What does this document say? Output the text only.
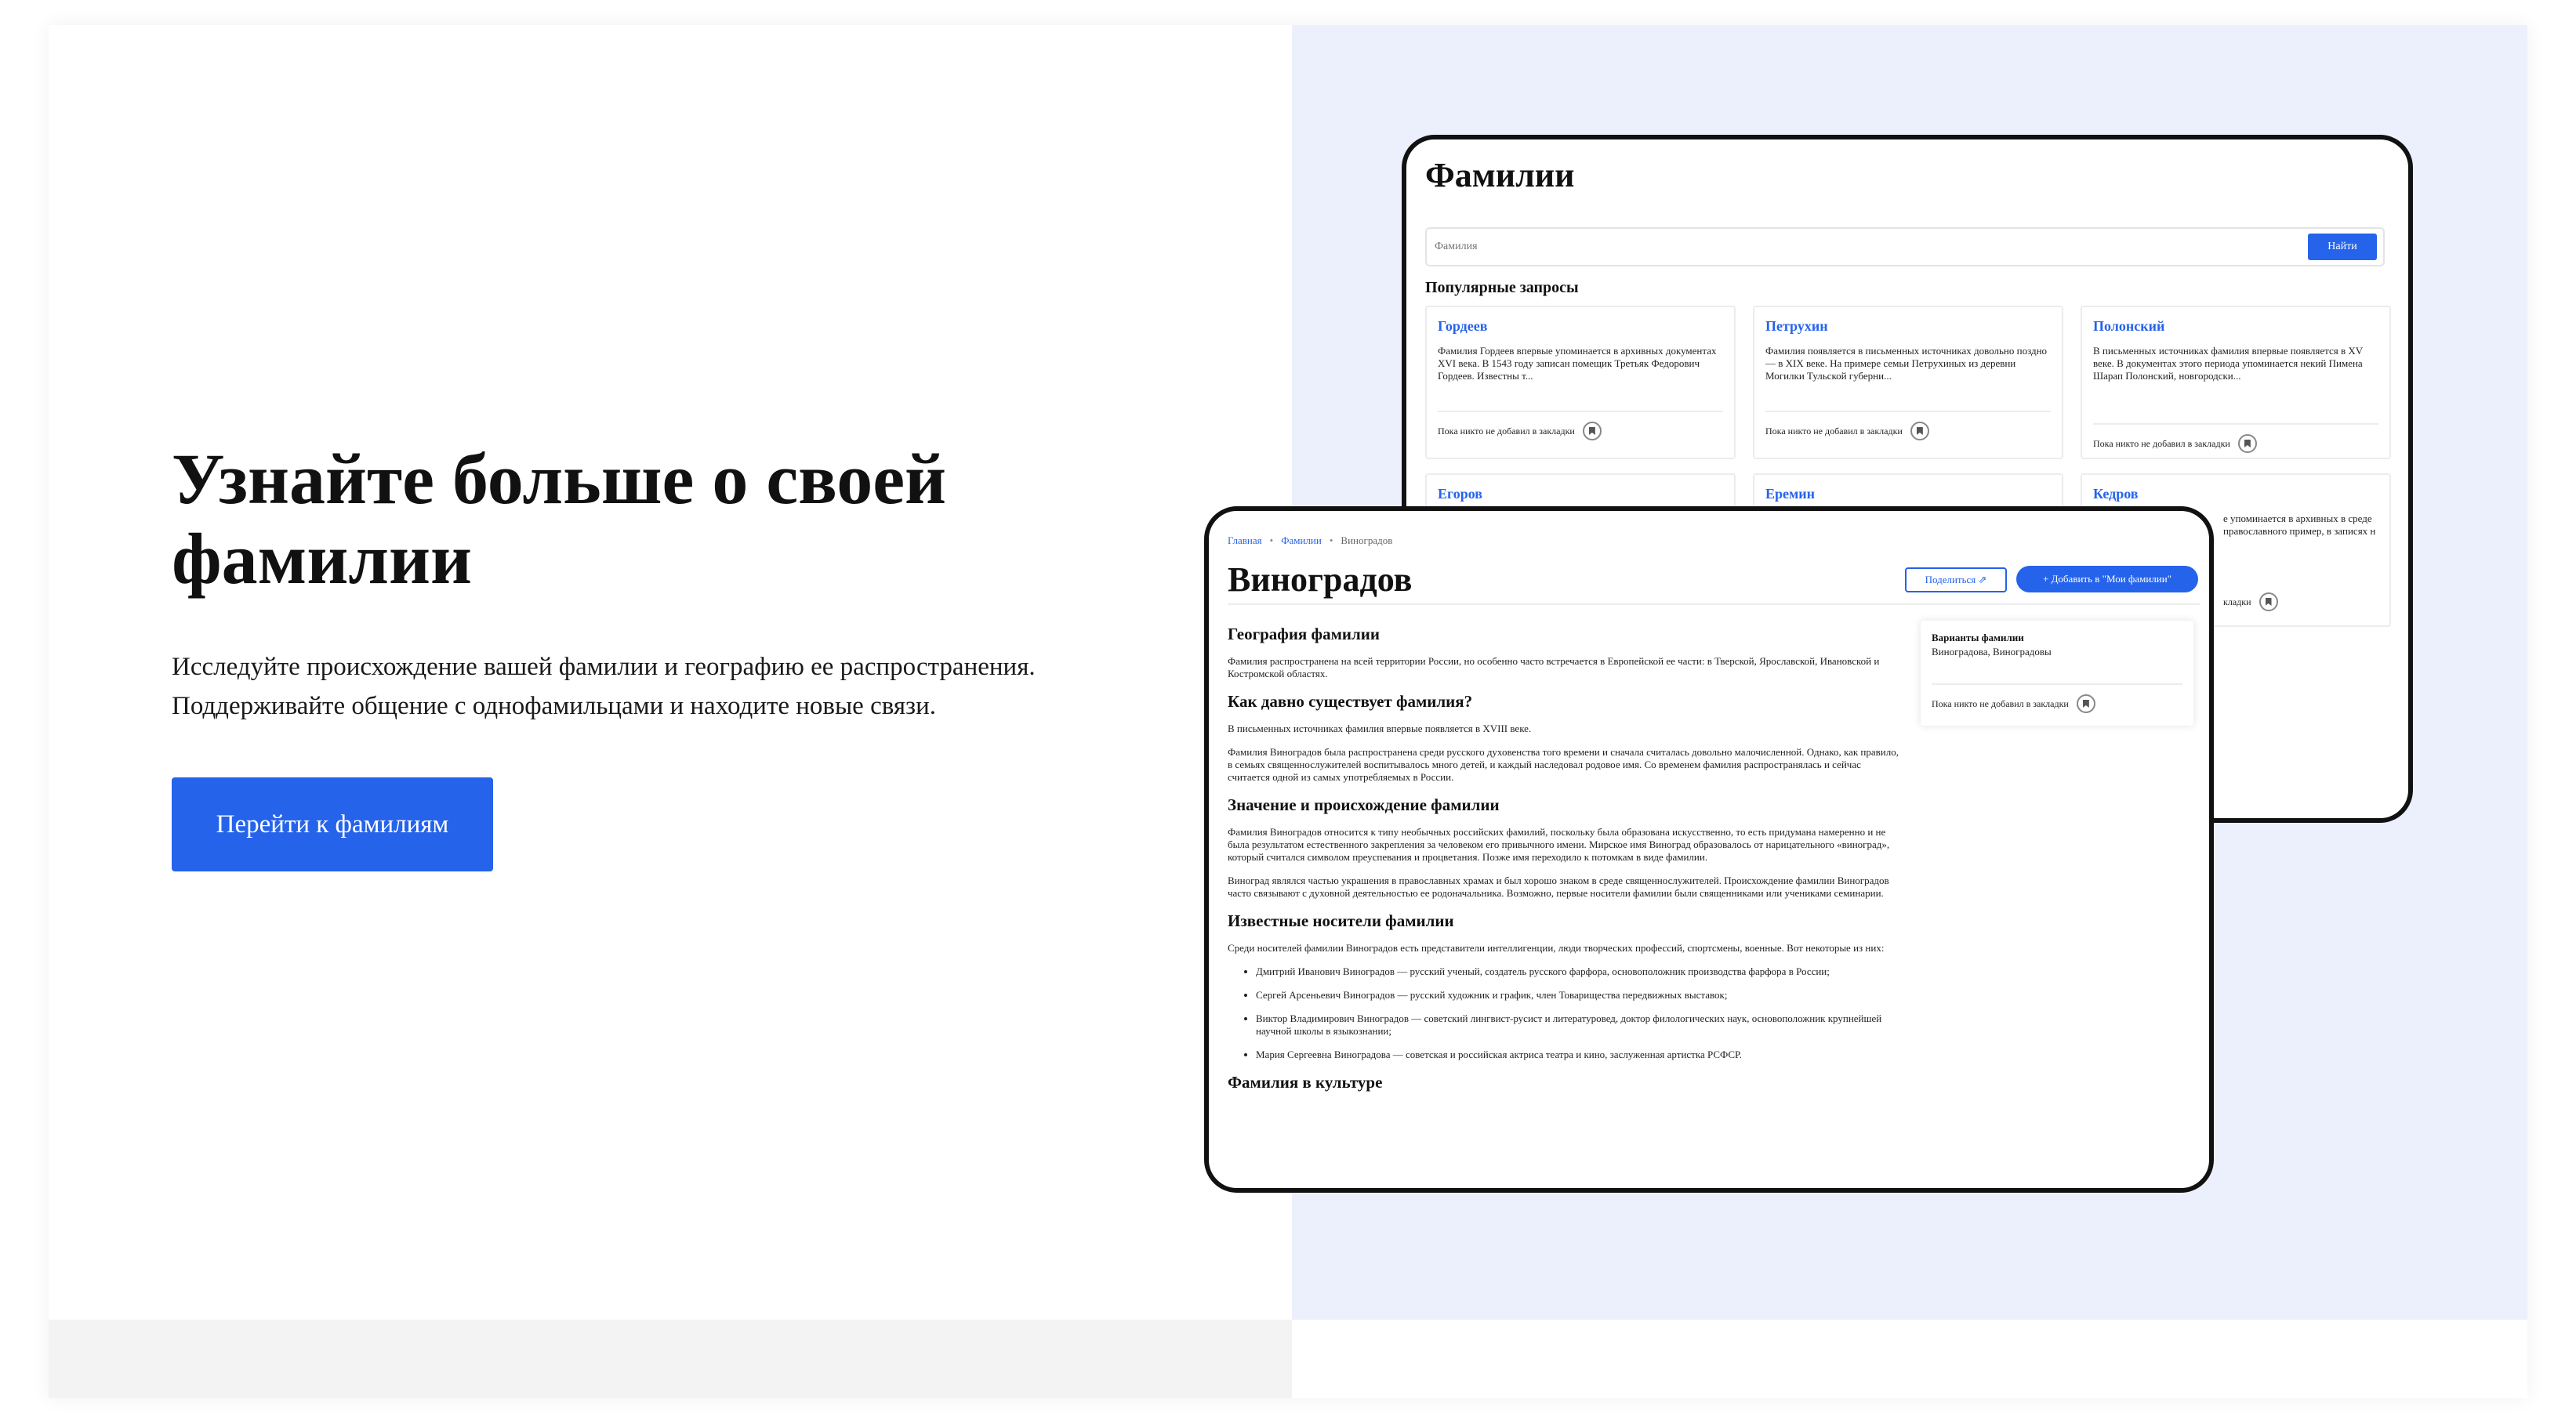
Узнайте больше о своей фамилии

Исследуйте происхождение вашей фамилии и географию ее распространения. Поддерживайте общение с однофамильцами и находите новые связи.

Перейти к фамилиям
Фамилии
Фамилия
Найти
Популярные запросы
Гордеев
Фамилия Гордеев впервые упоминается в архивных документах XVI века. В 1543 году записан помещик Третьяк Федорович Гордеев. Известны т...
Пока никто не добавил в закладки
Петрухин
Фамилия появляется в письменных источниках довольно поздно — в XIX веке. На примере семьи Петрухиных из деревни Могилки Тульской губерни...
Пока никто не добавил в закладки
Полонский
В письменных источниках фамилия впервые появляется в XV веке. В документах этого периода упоминается некий Пимена Шарап Полонский, новгородски...
Пока никто не добавил в закладки
Егоров	Еремин	Кедров
е упоминается в архивных в среде православного пример, в записях н
кладки
Главная • Фамилии • Виноградов
Виноградов	Поделиться ⇗	+ Добавить в "Мои фамилии"
География фамилии

Фамилия распространена на всей территории России, но особенно часто встречается в Европейской ее части: в Тверской, Ярославской, Ивановской и Костромской областях.

Как давно существует фамилия?

В письменных источниках фамилия впервые появляется в XVIII веке.

Фамилия Виноградов была распространена среди русского духовенства того времени и сначала считалась довольно малочисленной. Однако, как правило, в семьях священнослужителей воспитывалось много детей, и каждый наследовал родовое имя. Со временем фамилия распространялась и сейчас считается одной из самых употребляемых в России.

Значение и происхождение фамилии

Фамилия Виноградов относится к типу необычных российских фамилий, поскольку была образована искусственно, то есть придумана намеренно и не была результатом естественного закрепления за человеком его привычного имени. Мирское имя Виноград образовалось от нарицательного «виноград», который считался символом преуспевания и процветания. Позже имя переходило к потомкам в виде фамилии.

Виноград являлся частью украшения в православных храмах и был хорошо знаком в среде священнослужителей. Происхождение фамилии Виноградов часто связывают с духовной деятельностью ее родоначальника. Возможно, первые носители фамилии были священниками или учениками семинарии.

Известные носители фамилии

Среди носителей фамилии Виноградов есть представители интеллигенции, люди творческих профессий, спортсмены, военные. Вот некоторые из них:

• Дмитрий Иванович Виноградов — русский ученый, создатель русского фарфора, основоположник производства фарфора в России;
• Сергей Арсеньевич Виноградов — русский художник и график, член Товарищества передвижных выставок;
• Виктор Владимирович Виноградов — советский лингвист-русист и литературовед, доктор филологических наук, основоположник крупнейшей научной школы в языкознании;
• Мария Сергеевна Виноградова — советская и российская актриса театра и кино, заслуженная артистка РСФСР.
Фамилия в культуре
Варианты фамилии
Виноградова, Виноградовы
Пока никто не добавил в закладки
